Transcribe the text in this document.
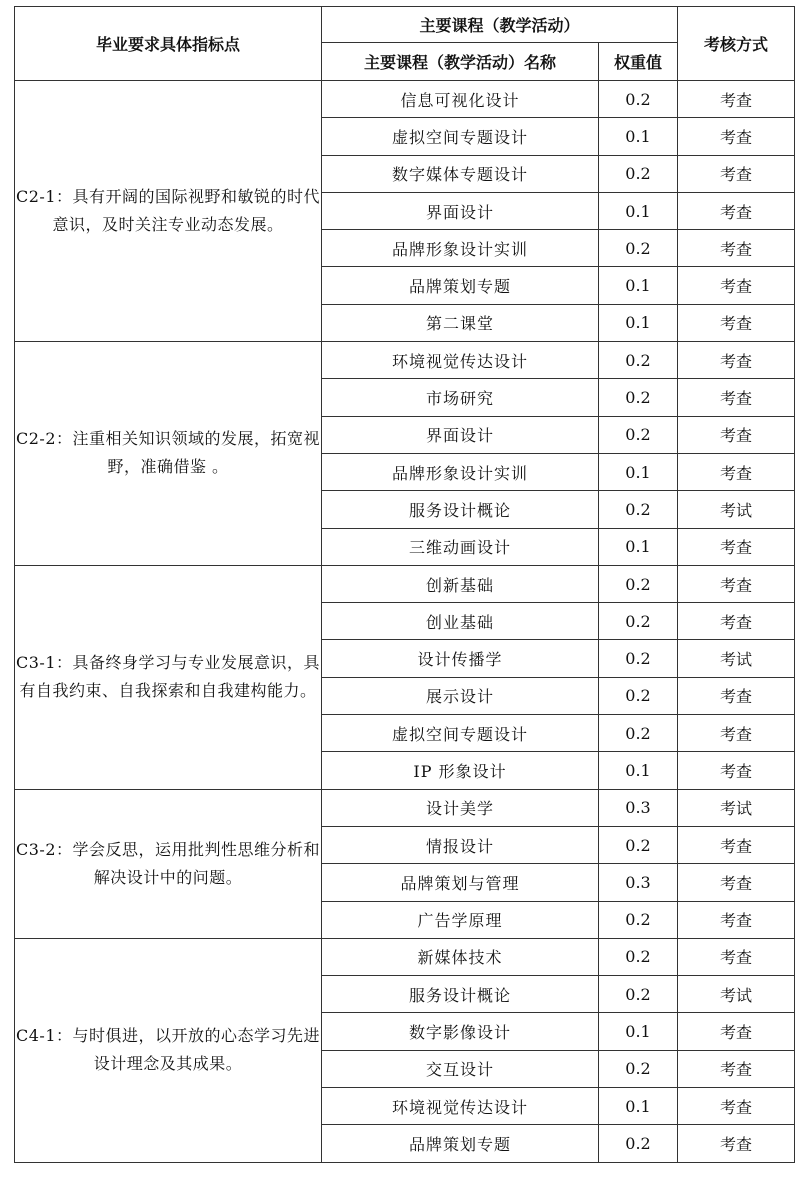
毕业要求具体指标点	主要课程（教学活动）		考核方式
	主要课程（教学活动）名称	权重值	
C2-1：具有开阔的国际视野和敏锐的时代意识，及时关注专业动态发展。	信息可视化设计	0.2	考查
	虚拟空间专题设计	0.1	考查
	数字媒体专题设计	0.2	考查
	界面设计	0.1	考查
	品牌形象设计实训	0.2	考查
	品牌策划专题	0.1	考查
	第二课堂	0.1	考查
C2-2：注重相关知识领域的发展，拓宽视野，准确借鉴 。	环境视觉传达设计	0.2	考查
	市场研究	0.2	考查
	界面设计	0.2	考查
	品牌形象设计实训	0.1	考查
	服务设计概论	0.2	考试
	三维动画设计	0.1	考查
C3-1：具备终身学习与专业发展意识，具有自我约束、自我探索和自我建构能力。	创新基础	0.2	考查
	创业基础	0.2	考查
	设计传播学	0.2	考试
	展示设计	0.2	考查
	虚拟空间专题设计	0.2	考查
	IP 形象设计	0.1	考查
C3-2：学会反思，运用批判性思维分析和解决设计中的问题。	设计美学	0.3	考试
	情报设计	0.2	考查
	品牌策划与管理	0.3	考查
	广告学原理	0.2	考查
C4-1：与时俱进，以开放的心态学习先进设计理念及其成果。	新媒体技术	0.2	考查
	服务设计概论	0.2	考试
	数字影像设计	0.1	考查
	交互设计	0.2	考查
	环境视觉传达设计	0.1	考查
	品牌策划专题	0.2	考查
